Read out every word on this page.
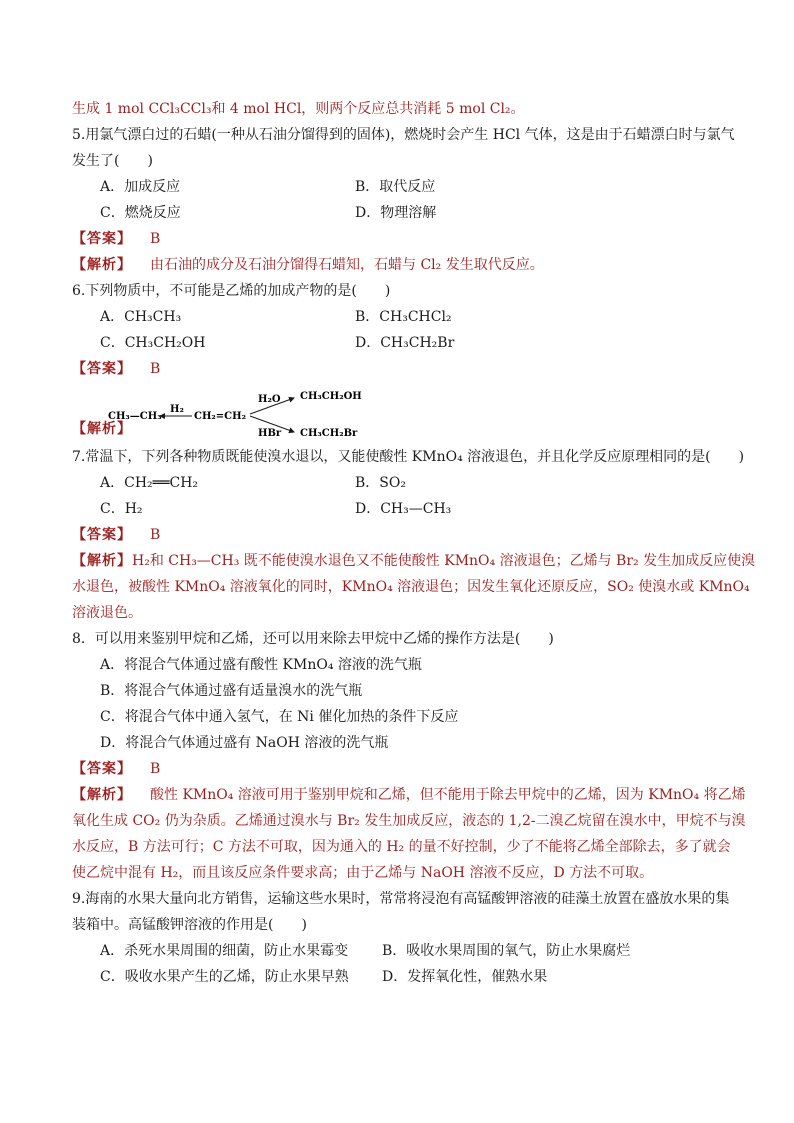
生成 1 mol CCl₃CCl₃和 4 mol HCl，则两个反应总共消耗 5 mol Cl₂。
5.用氯气漂白过的石蜡(一种从石油分馏得到的固体)，燃烧时会产生 HCl 气体，这是由于石蜡漂白时与氯气
发生了(　　)
A．加成反应	B．取代反应
C．燃烧反应	D．物理溶解
【答案】 B
【解析】 由石油的成分及石油分馏得石蜡知，石蜡与 Cl₂ 发生取代反应。
6.下列物质中，不可能是乙烯的加成产物的是(　　)
A．CH₃CH₃	B．CH₃CHCl₂
C．CH₃CH₂OH	D．CH₃CH₂Br
【答案】 B
【解析】
CH₃—CH₃
H₂
CH₂=CH₂
H₂O
HBr
CH₃CH₂OH
CH₃CH₂Br
7.常温下，下列各种物质既能使溴水退以，又能使酸性 KMnO₄ 溶液退色，并且化学反应原理相同的是(　　)
A．CH₂══CH₂	B．SO₂
C．H₂	D．CH₃—CH₃
【答案】 B
【解析】H₂和 CH₃—CH₃ 既不能使溴水退色又不能使酸性 KMnO₄ 溶液退色；乙烯与 Br₂ 发生加成反应使溴
水退色，被酸性 KMnO₄ 溶液氧化的同时，KMnO₄ 溶液退色；因发生氧化还原反应，SO₂ 使溴水或 KMnO₄
溶液退色。
8．可以用来鉴别甲烷和乙烯，还可以用来除去甲烷中乙烯的操作方法是(　　)
A．将混合气体通过盛有酸性 KMnO₄ 溶液的洗气瓶
B．将混合气体通过盛有适量溴水的洗气瓶
C．将混合气体中通入氢气，在 Ni 催化加热的条件下反应
D．将混合气体通过盛有 NaOH 溶液的洗气瓶
【答案】 B
【解析】 酸性 KMnO₄ 溶液可用于鉴别甲烷和乙烯，但不能用于除去甲烷中的乙烯，因为 KMnO₄ 将乙烯
氧化生成 CO₂ 仍为杂质。乙烯通过溴水与 Br₂ 发生加成反应，液态的 1,2-二溴乙烷留在溴水中，甲烷不与溴
水反应，B 方法可行；C 方法不可取，因为通入的 H₂ 的量不好控制，少了不能将乙烯全部除去，多了就会
使乙烷中混有 H₂，而且该反应条件要求高；由于乙烯与 NaOH 溶液不反应，D 方法不可取。
9.海南的水果大量向北方销售，运输这些水果时，常常将浸泡有高锰酸钾溶液的硅藻土放置在盛放水果的集
装箱中。高锰酸钾溶液的作用是(　　)
A．杀死水果周围的细菌，防止水果霉变	B．吸收水果周围的氧气，防止水果腐烂
C．吸收水果产生的乙烯，防止水果早熟	D．发挥氧化性，催熟水果
